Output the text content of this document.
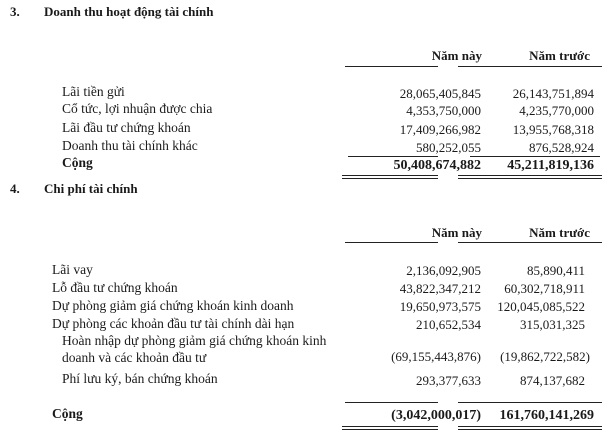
3. Doanh thu hoạt động tài chính
Năm này	Năm trước
Lãi tiền gửi	28,065,405,845 26,143,751,894
Cổ tức, lợi nhuận được chia	4,353,750,000	4,235,770,000
Lãi đầu tư chứng khoán	17,409,266,982 13,955,768,318
Doanh thu tài chính khác	580,252,055	876,528,924
Cộng	50,408,674,882 45,211,819,136
4. Chi phí tài chính
Năm này	Năm trước
Lãi vay	2,136,092,905	85,890,411
Lỗ đầu tư chứng khoán	43,822,347,212 60,302,718,911
Dự phòng giảm giá chứng khoán kinh doanh	19,650,973,575 120,045,085,522
Dự phòng các khoản đầu tư tài chính dài hạn	210,652,534	315,031,325
Hoàn nhập dự phòng giảm giá chứng khoán kinh
doanh và các khoản đầu tư	(69,155,443,876) (19,862,722,582)
Phí lưu ký, bán chứng khoán	293,377,633	874,137,682
Cộng	(3,042,000,017) 161,760,141,269
